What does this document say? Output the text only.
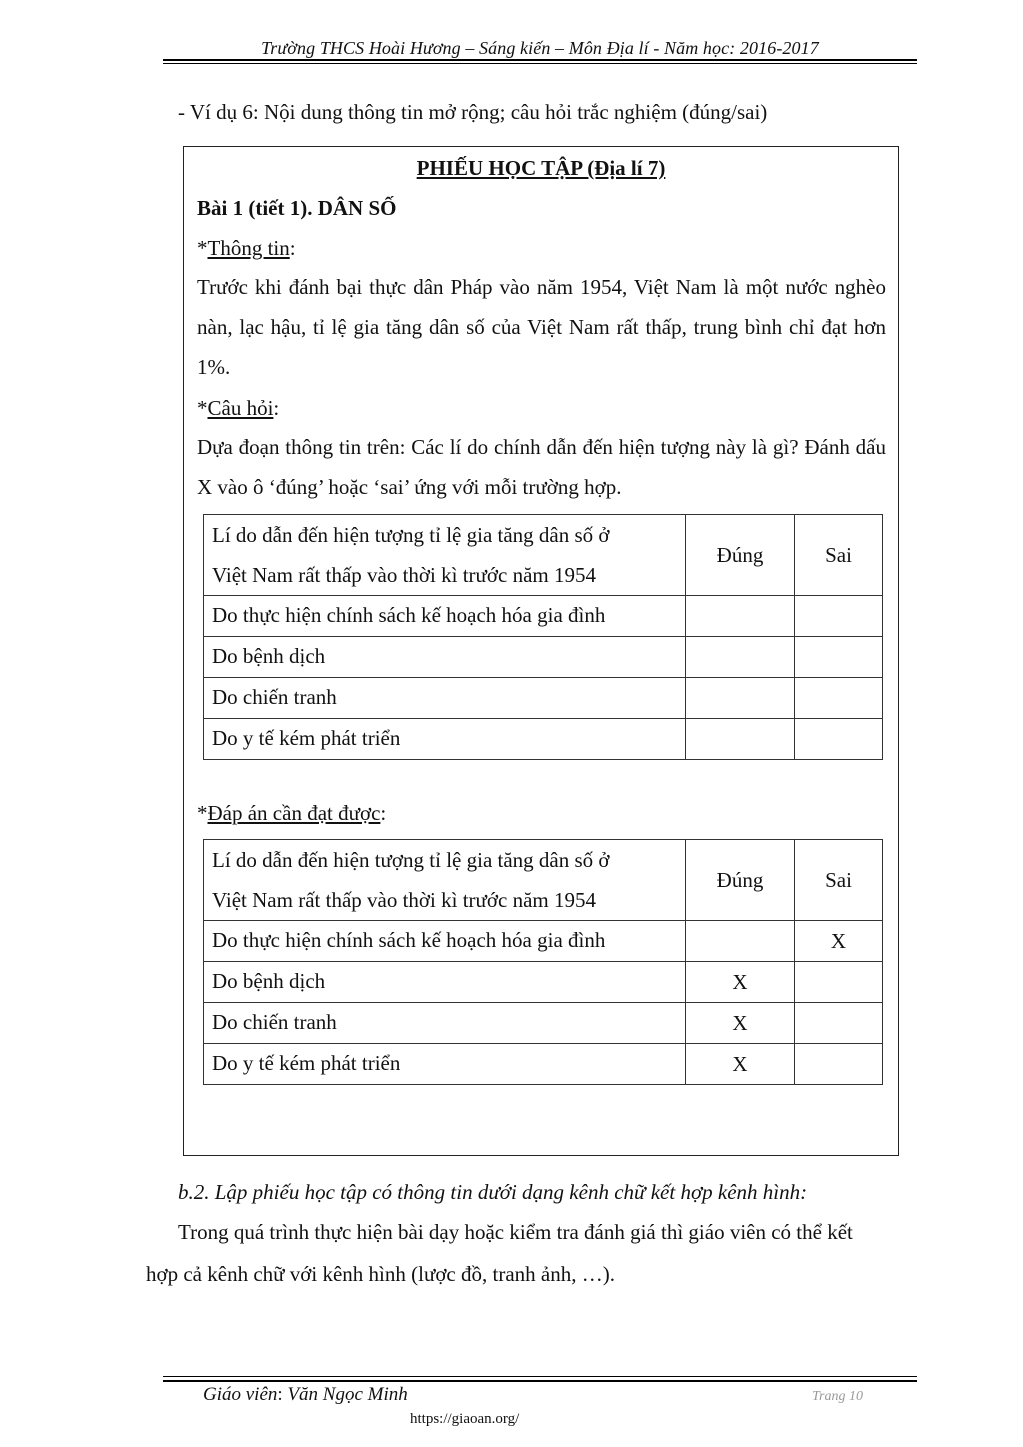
Trường THCS Hoài Hương – Sáng kiến – Môn Địa lí - Năm học: 2016-2017
- Ví dụ 6: Nội dung thông tin mở rộng; câu hỏi trắc nghiệm (đúng/sai)
PHIẾU HỌC TẬP (Địa lí 7)
Bài 1 (tiết 1). DÂN SỐ
*Thông tin:
Trước khi đánh bại thực dân Pháp vào năm 1954, Việt Nam là một nước nghèo nàn, lạc hậu, tỉ lệ gia tăng dân số của Việt Nam rất thấp, trung bình chỉ đạt hơn 1%.
*Câu hỏi:
Dựa đoạn thông tin trên: Các lí do chính dẫn đến hiện tượng này là gì? Đánh dấu X vào ô ‘đúng’ hoặc ‘sai’ ứng với mỗi trường hợp.
Lí do dẫn đến hiện tượng tỉ lệ gia tăng dân số ở
Việt Nam rất thấp vào thời kì trước năm 1954	Đúng	Sai
Do thực hiện chính sách kế hoạch hóa gia đình		
Do bệnh dịch		
Do chiến tranh		
Do y tế kém phát triển		
*Đáp án cần đạt được:
Lí do dẫn đến hiện tượng tỉ lệ gia tăng dân số ở
Việt Nam rất thấp vào thời kì trước năm 1954	Đúng	Sai
Do thực hiện chính sách kế hoạch hóa gia đình		X
Do bệnh dịch	X	
Do chiến tranh	X	
Do y tế kém phát triển	X	
b.2. Lập phiếu học tập có thông tin dưới dạng kênh chữ kết hợp kênh hình:
Trong quá trình thực hiện bài dạy hoặc kiểm tra đánh giá thì giáo viên có thể kết
hợp cả kênh chữ với kênh hình (lược đồ, tranh ảnh, …).
Giáo viên: Văn Ngọc Minh	Trang 10
https://giaoan.org/
